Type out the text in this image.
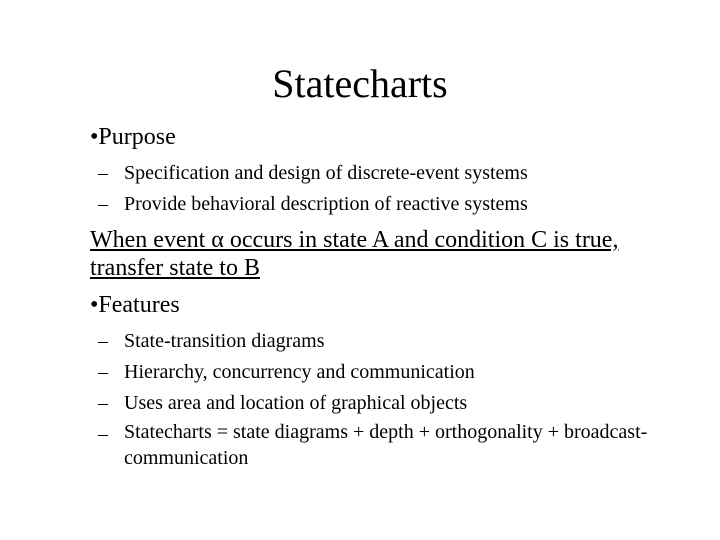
Statecharts
•Purpose
– Specification and design of discrete-event systems
– Provide behavioral description of reactive systems
When event α occurs in state A and condition C is true, transfer state to B
•Features
– State-transition diagrams
– Hierarchy, concurrency and communication
– Uses area and location of graphical objects
– Statecharts = state diagrams + depth + orthogonality + broadcast-communication
